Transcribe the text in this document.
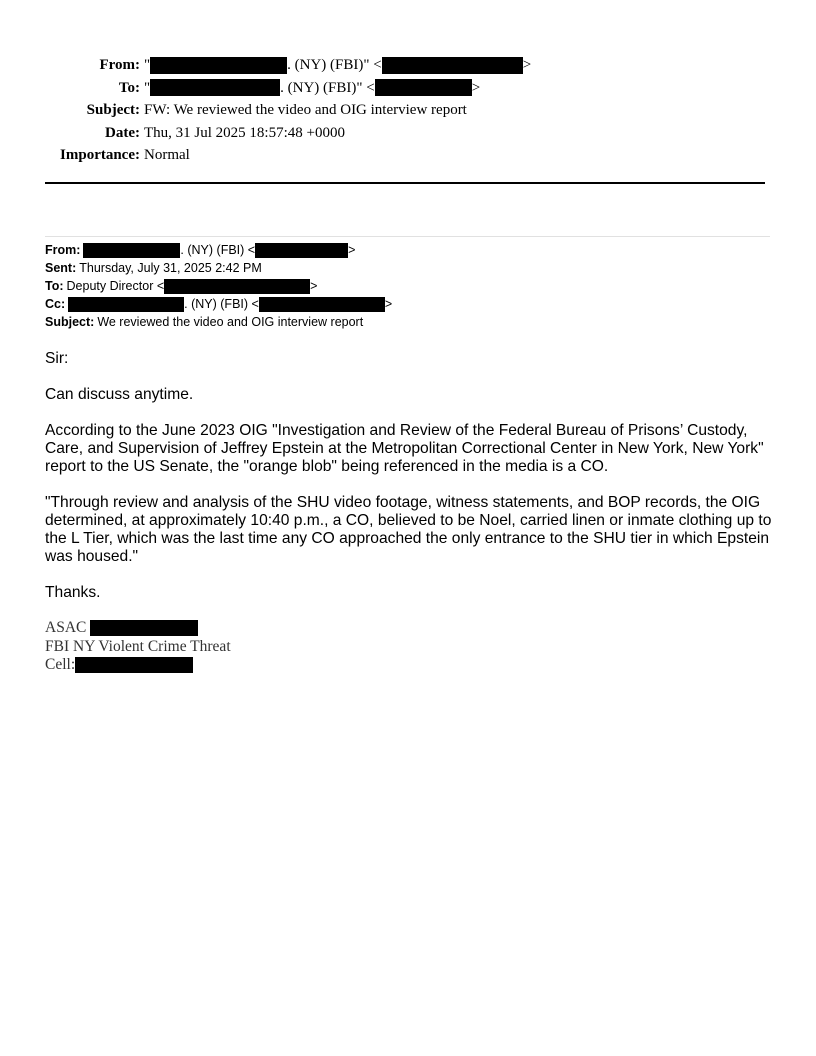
From: "	. (NY) (FBI)" <	>
To: "	. (NY) (FBI)" <	>
Subject: FW: We reviewed the video and OIG interview report
Date: Thu, 31 Jul 2025 18:57:48 +0000
Importance: Normal
From:	. (NY) (FBI) <	>
Sent: Thursday, July 31, 2025 2:42 PM
To: Deputy Director <	>
Cc:	. (NY) (FBI) <	>
Subject: We reviewed the video and OIG interview report

Sir:

Can discuss anytime.

According to the June 2023 OIG "Investigation and Review of the Federal Bureau of Prisons’ Custody, Care, and Supervision of Jeffrey Epstein at the Metropolitan Correctional Center in New York, New York" report to the US Senate, the "orange blob" being referenced in the media is a CO.

"Through review and analysis of the SHU video footage, witness statements, and BOP records, the OIG determined, at approximately 10:40 p.m., a CO, believed to be Noel, carried linen or inmate clothing up to the L Tier, which was the last time any CO approached the only entrance to the SHU tier in which Epstein was housed."

Thanks.

ASAC
FBI NY Violent Crime Threat
Cell:
